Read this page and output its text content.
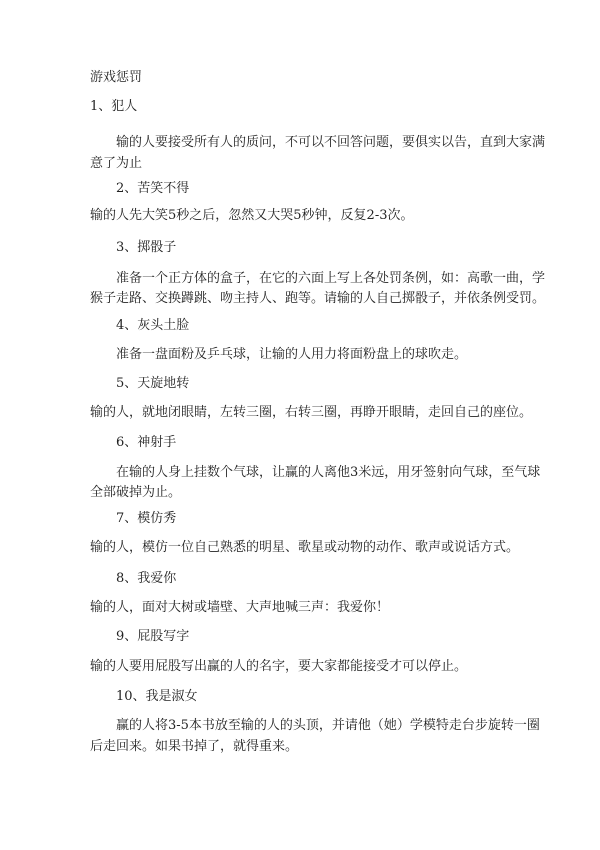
游戏惩罚
1、犯人
输的人要接受所有人的质问，不可以不回答问题，要俱实以告，直到大家满
意了为止
2、苦笑不得
输的人先大笑5秒之后，忽然又大哭5秒钟，反复2-3次。
3、掷骰子
准备一个正方体的盒子，在它的六面上写上各处罚条例，如：高歌一曲，学
猴子走路、交换蹲跳、吻主持人、跑等。请输的人自己掷骰子，并依条例受罚。
4、灰头土脸
准备一盘面粉及乒乓球，让输的人用力将面粉盘上的球吹走。
5、天旋地转
输的人，就地闭眼睛，左转三圈，右转三圈，再睁开眼睛，走回自己的座位。
6、神射手
在输的人身上挂数个气球，让赢的人离他3米远，用牙签射向气球，至气球
全部破掉为止。
7、模仿秀
输的人，模仿一位自己熟悉的明星、歌星或动物的动作、歌声或说话方式。
8、我爱你
输的人，面对大树或墙壁、大声地喊三声：我爱你！
9、屁股写字
输的人要用屁股写出赢的人的名字，要大家都能接受才可以停止。
10、我是淑女
赢的人将3-5本书放至输的人的头顶，并请他（她）学模特走台步旋转一圈
后走回来。如果书掉了，就得重来。
